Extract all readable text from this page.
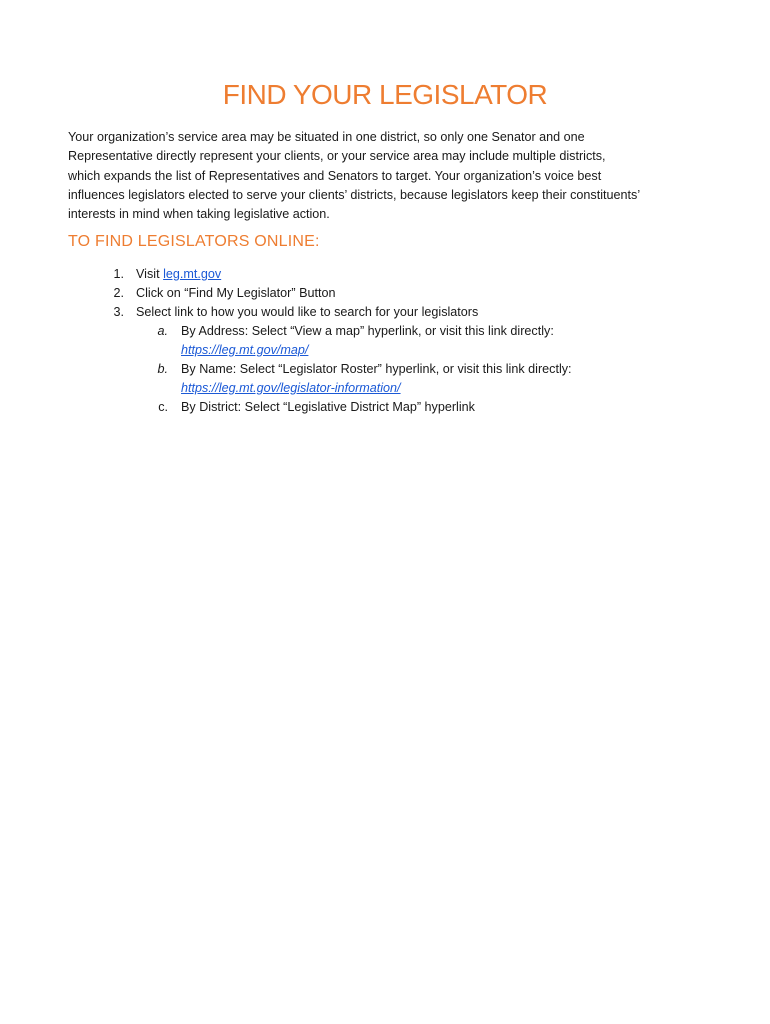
FIND YOUR LEGISLATOR
Your organization’s service area may be situated in one district, so only one Senator and one
Representative directly represent your clients, or your service area may include multiple districts,
which expands the list of Representatives and Senators to target. Your organization’s voice best
influences legislators elected to serve your clients’ districts, because legislators keep their constituents’
interests in mind when taking legislative action.
TO FIND LEGISLATORS ONLINE:
1. Visit leg.mt.gov
2. Click on “Find My Legislator” Button
3. Select link to how you would like to search for your legislators
a. By Address: Select “View a map” hyperlink, or visit this link directly:
https://leg.mt.gov/map/
b. By Name: Select “Legislator Roster” hyperlink, or visit this link directly:
https://leg.mt.gov/legislator-information/
c. By District: Select “Legislative District Map” hyperlink
